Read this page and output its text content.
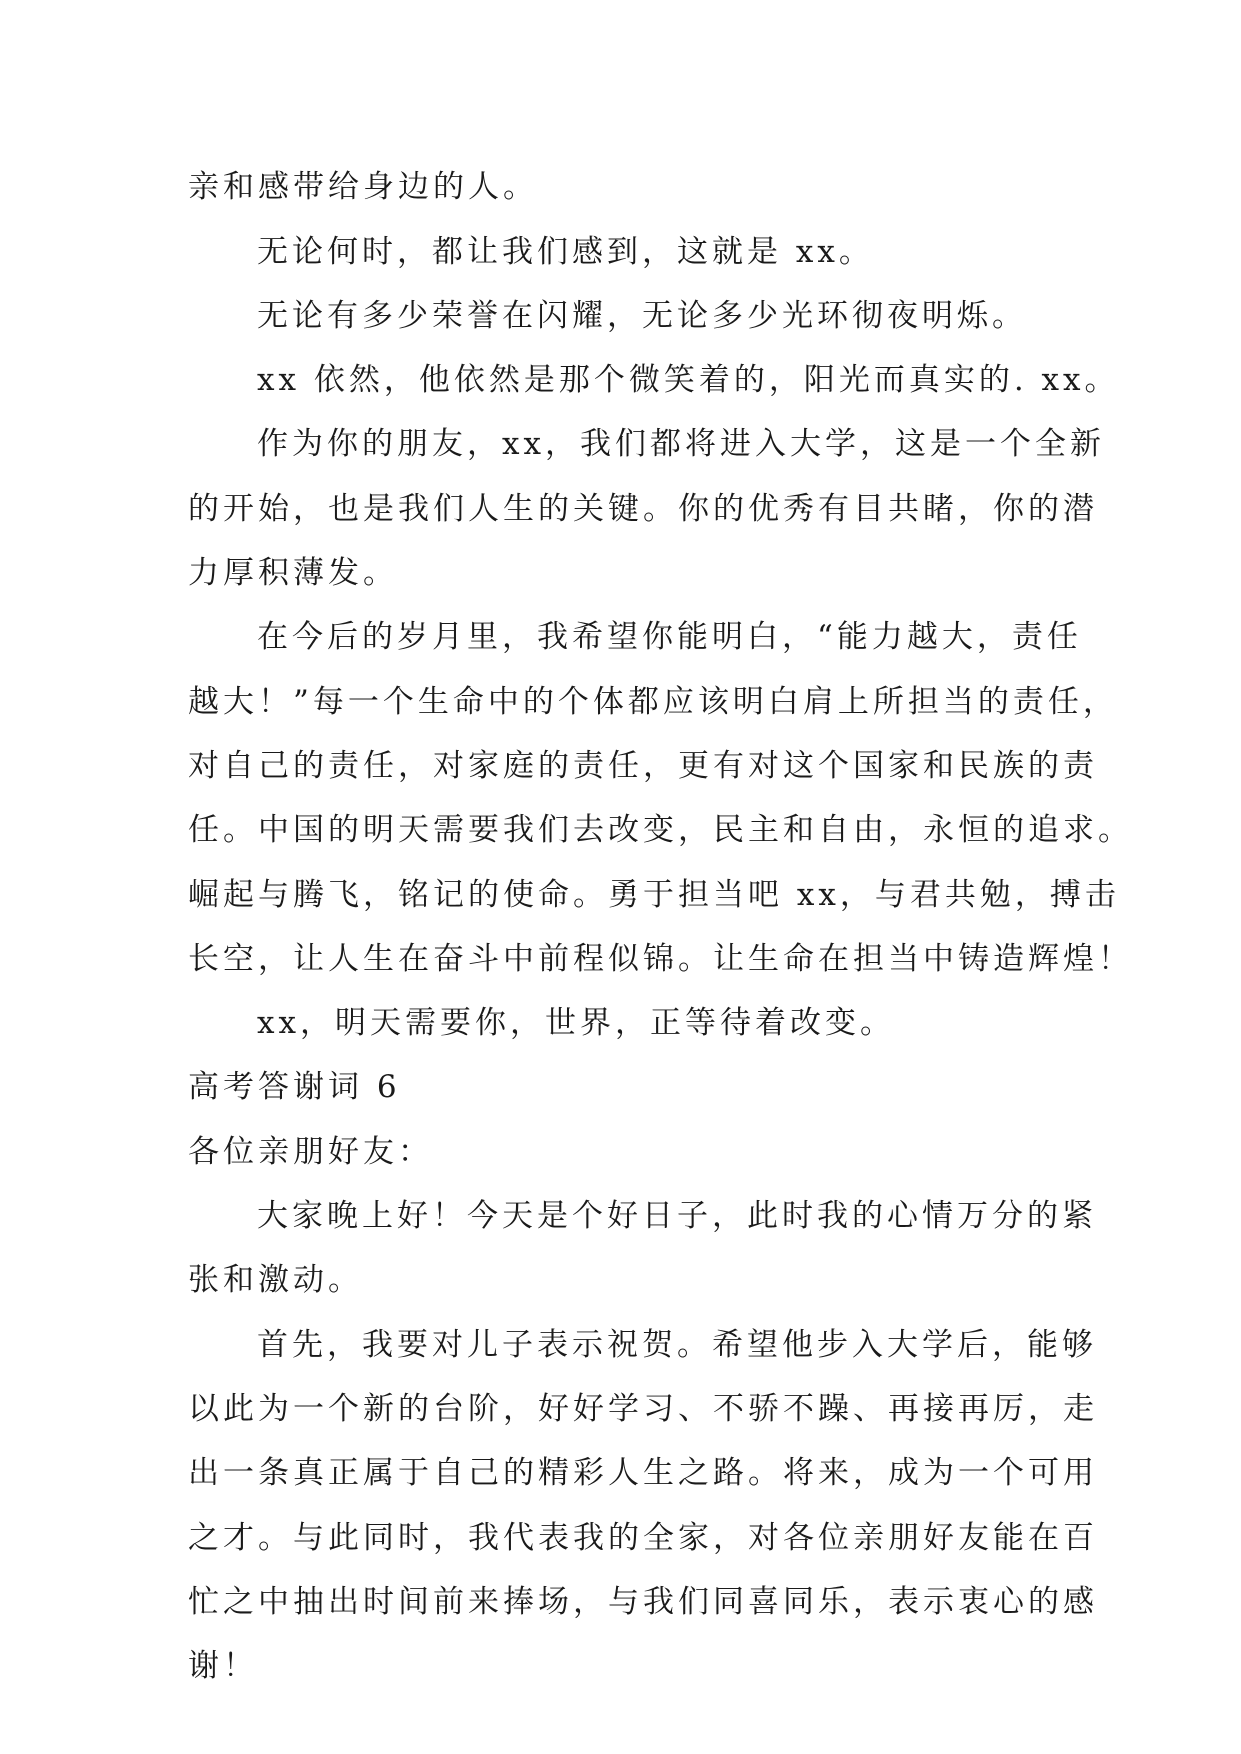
亲和感带给身边的人。
无论何时，都让我们感到，这就是 xx。
无论有多少荣誉在闪耀，无论多少光环彻夜明烁。
xx 依然，他依然是那个微笑着的，阳光而真实的. xx。
作为你的朋友，xx，我们都将进入大学，这是一个全新
的开始，也是我们人生的关键。你的优秀有目共睹，你的潜
力厚积薄发。
在今后的岁月里，我希望你能明白，“能力越大，责任
越大！”每一个生命中的个体都应该明白肩上所担当的责任，
对自己的责任，对家庭的责任，更有对这个国家和民族的责
任。中国的明天需要我们去改变，民主和自由，永恒的追求。
崛起与腾飞，铭记的使命。勇于担当吧 xx，与君共勉，搏击
长空，让人生在奋斗中前程似锦。让生命在担当中铸造辉煌！
xx，明天需要你，世界，正等待着改变。
高考答谢词 6
各位亲朋好友：
大家晚上好！今天是个好日子，此时我的心情万分的紧
张和激动。
首先，我要对儿子表示祝贺。希望他步入大学后，能够
以此为一个新的台阶，好好学习、不骄不躁、再接再厉，走
出一条真正属于自己的精彩人生之路。将来，成为一个可用
之才。与此同时，我代表我的全家，对各位亲朋好友能在百
忙之中抽出时间前来捧场，与我们同喜同乐，表示衷心的感
谢！
